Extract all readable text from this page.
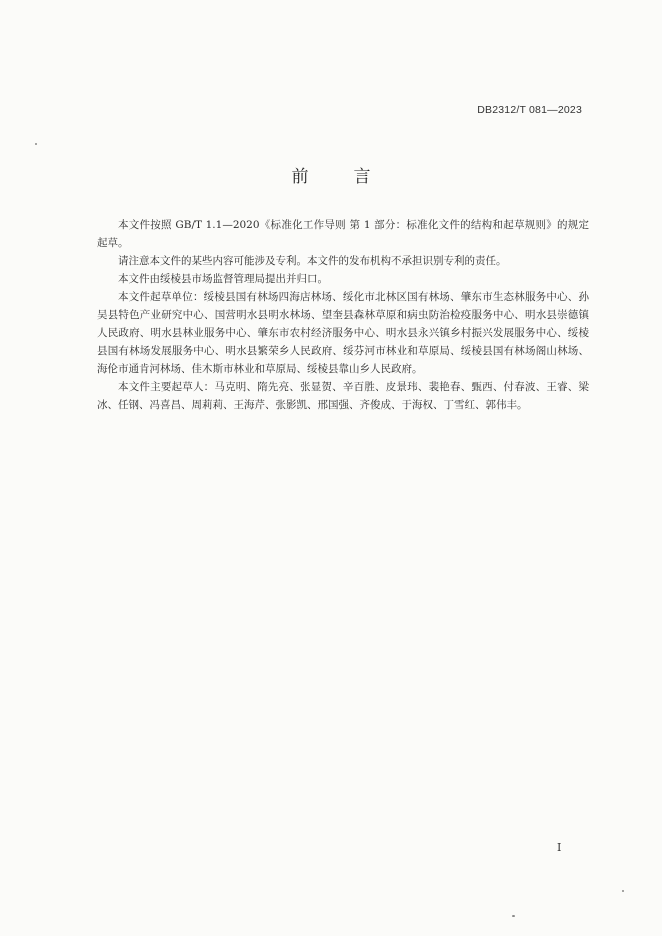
DB2312/T 081—2023
前　言

本文件按照 GB/T 1.1—2020《标准化工作导则 第 1 部分：标准化文件的结构和起草规则》的规定起草。

请注意本文件的某些内容可能涉及专利。本文件的发布机构不承担识别专利的责任。

本文件由绥棱县市场监督管理局提出并归口。

本文件起草单位：绥棱县国有林场四海店林场、绥化市北林区国有林场、肇东市生态林服务中心、孙吴县特色产业研究中心、国营明水县明水林场、望奎县森林草原和病虫防治检疫服务中心、明水县崇德镇人民政府、明水县林业服务中心、肇东市农村经济服务中心、明水县永兴镇乡村振兴发展服务中心、绥棱县国有林场发展服务中心、明水县繁荣乡人民政府、绥芬河市林业和草原局、绥棱县国有林场阁山林场、海伦市通肯河林场、佳木斯市林业和草原局、绥棱县靠山乡人民政府。

本文件主要起草人：马克明、隋先亮、张显贺、辛百胜、皮景玮、裴艳春、甄西、付春波、王睿、梁冰、任钢、冯喜昌、周莉莉、王海芹、张影凯、邢国强、齐俊成、于海权、丁雪红、郭伟丰。

I
